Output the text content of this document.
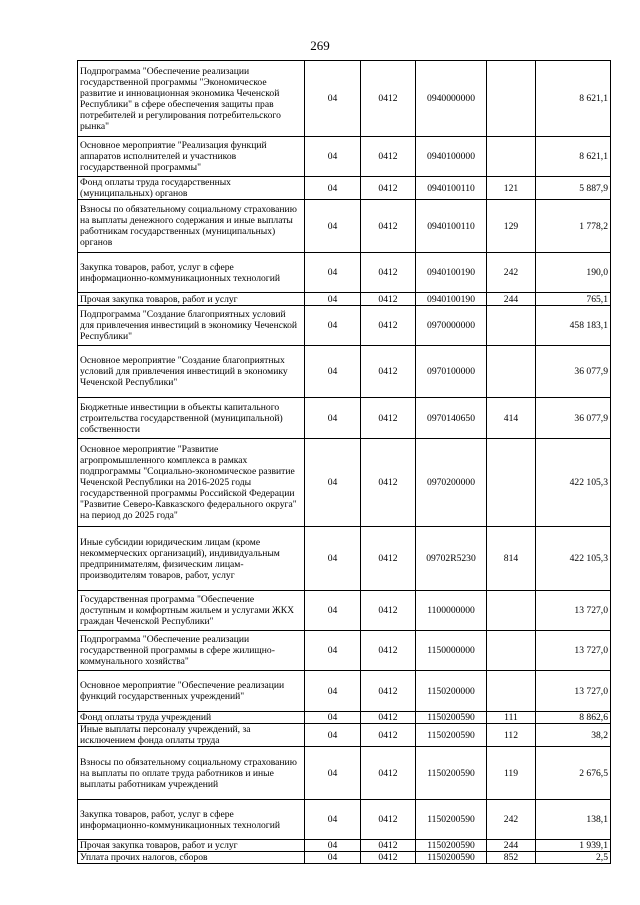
269
Подпрограмма "Обеспечение реализации государственной программы "Экономическое развитие и инновационная экономика Чеченской Республики" в сфере обеспечения защиты прав потребителей и регулирования потребительского рынка"	04	0412	0940000000		8 621,1
Основное мероприятие "Реализация функций аппаратов исполнителей и участников государственной программы"	04	0412	0940100000		8 621,1
Фонд оплаты труда государственных (муниципальных) органов	04	0412	0940100110	121	5 887,9
Взносы по обязательному социальному страхованию на выплаты денежного содержания и иные выплаты работникам государственных (муниципальных) органов	04	0412	0940100110	129	1 778,2
Закупка товаров, работ, услуг в сфере информационно-коммуникационных технологий	04	0412	0940100190	242	190,0
Прочая закупка товаров, работ и услуг	04	0412	0940100190	244	765,1
Подпрограмма "Создание благоприятных условий для привлечения инвестиций в экономику Чеченской Республики"	04	0412	0970000000		458 183,1
Основное мероприятие "Создание благоприятных условий для привлечения инвестиций в экономику Чеченской Республики"	04	0412	0970100000		36 077,9
Бюджетные инвестиции в объекты капитального строительства государственной (муниципальной) собственности	04	0412	0970140650	414	36 077,9
Основное мероприятие "Развитие агропромышленного комплекса в рамках подпрограммы "Социально-экономическое развитие Чеченской Республики на 2016-2025 годы государственной программы Российской Федерации "Развитие Северо-Кавказского федерального округа" на период до 2025 года"	04	0412	0970200000		422 105,3
Иные субсидии юридическим лицам (кроме некоммерческих организаций), индивидуальным предпринимателям, физическим лицам-производителям товаров, работ, услуг	04	0412	09702R5230	814	422 105,3
Государственная программа "Обеспечение доступным и комфортным жильем и услугами ЖКХ граждан Чеченской Республики"	04	0412	1100000000		13 727,0
Подпрограмма "Обеспечение реализации государственной программы в сфере жилищно-коммунального хозяйства"	04	0412	1150000000		13 727,0
Основное мероприятие "Обеспечение реализации функций государственных учреждений"	04	0412	1150200000		13 727,0
Фонд оплаты труда учреждений	04	0412	1150200590	111	8 862,6
Иные выплаты персоналу учреждений, за исключением фонда оплаты труда	04	0412	1150200590	112	38,2
Взносы по обязательному социальному страхованию на выплаты по оплате труда работников и иные выплаты работникам учреждений	04	0412	1150200590	119	2 676,5
Закупка товаров, работ, услуг в сфере информационно-коммуникационных технологий	04	0412	1150200590	242	138,1
Прочая закупка товаров, работ и услуг	04	0412	1150200590	244	1 939,1
Уплата прочих налогов, сборов	04	0412	1150200590	852	2,5
